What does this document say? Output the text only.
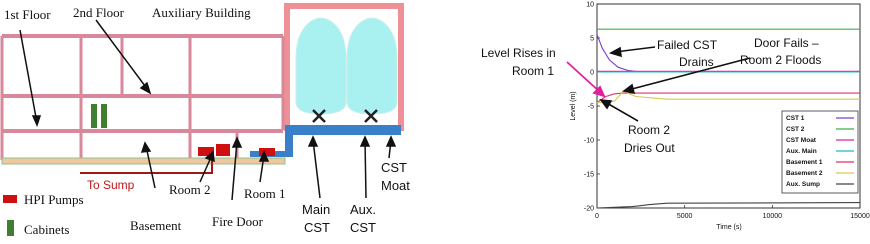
1st Floor 2nd Floor Auxiliary Building
To Sump
HPI Pumps
Cabinets	Basement
Room 2
Fire Door
Room 1
Main
CST
Aux.
CST
CST
Moat
10
5
0
-5
-10
-15
-20
0	5000	10000	15000
Level (m)
Time (s)
CST 1
CST 2
CST Moat
Aux. Main
Basement 1
Basement 2
Aux. Sump
Level Rises in
Room 1
Failed CST
Drains
Door Fails –
Room 2 Floods
Room 2
Dries Out
